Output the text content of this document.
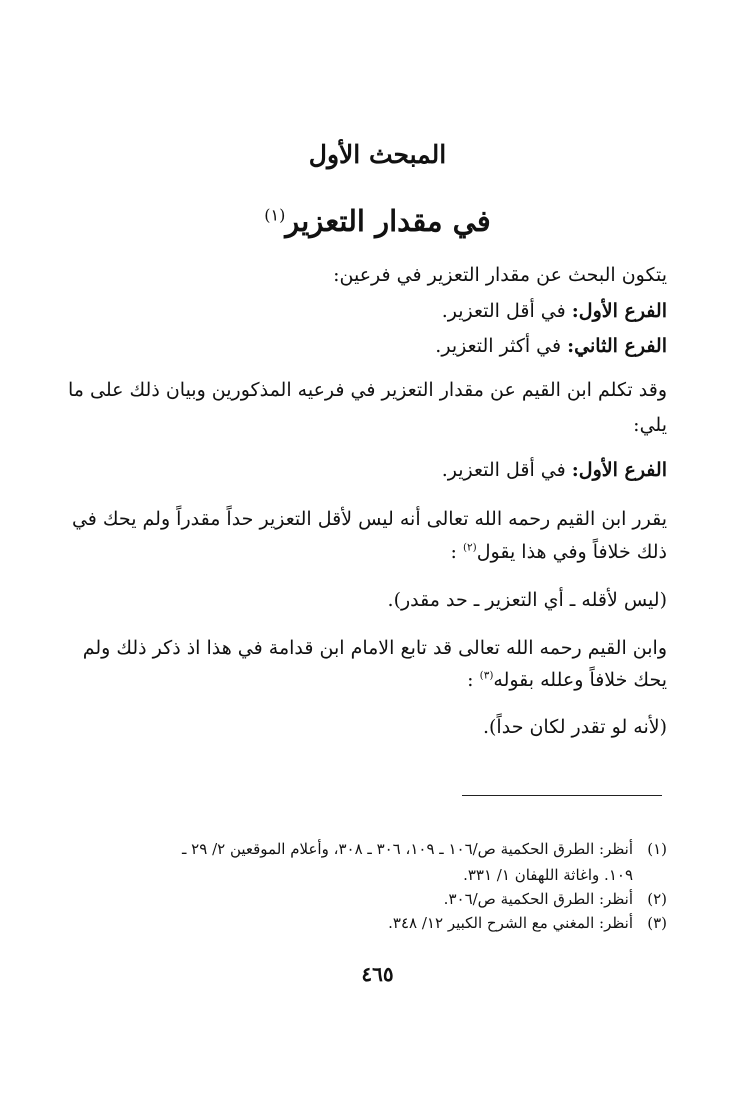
المبحث الأول
في مقدار التعزير$^{(١)}$
يتكون البحث عن مقدار التعزير في فرعين:
الفرع الأول: في أقل التعزير.
الفرع الثاني: في أكثر التعزير.
وقد تكلم ابن القيم عن مقدار التعزير في فرعيه المذكورين وبيان ذلك على ما
يلي:
الفرع الأول: في أقل التعزير.
يقرر ابن القيم رحمه الله تعالى أنه ليس لأقل التعزير حداً مقدراً ولم يحك في
ذلك خلافاً وفي هذا يقول$^{(٢)}$ :
(ليس لأقله ـ أي التعزير ـ حد مقدر).
وابن القيم رحمه الله تعالى قد تابع الامام ابن قدامة في هذا اذ ذكر ذلك ولم
يحك خلافاً وعلله بقوله$^{(٣)}$ :
(لأنه لو تقدر لكان حداً).
(١)أنظر: الطرق الحكمية ص/١٠٦ ـ ١٠٩، ٣٠٦ ـ ٣٠٨، وأعلام الموقعين ٢/ ٢٩ ـ
١٠٩. واغاثة اللهفان ١/ ٣٣١.
(٢)أنظر: الطرق الحكمية ص/٣٠٦.
(٣)أنظر: المغني مع الشرح الكبير ١٢/ ٣٤٨.
٤٦٥
